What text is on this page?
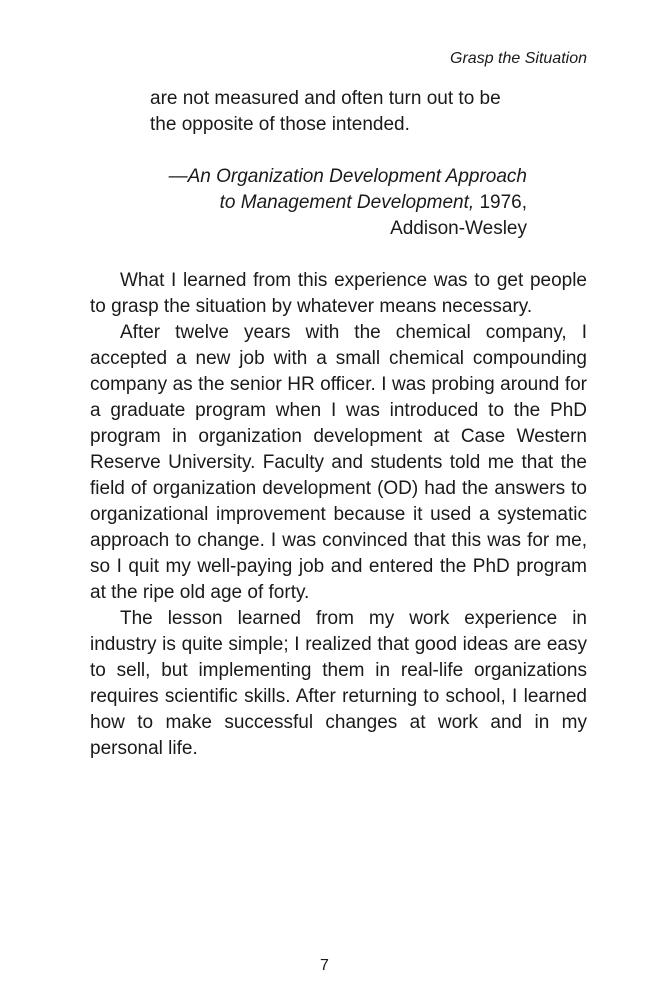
Grasp the Situation
are not measured and often turn out to be
the opposite of those intended.
—An Organization Development Approach
to Management Development, 1976,
Addison-Wesley

What I learned from this experience was to get people to grasp the situation by whatever means necessary.

After twelve years with the chemical company, I accepted a new job with a small chemical compounding company as the senior HR officer. I was probing around for a graduate program when I was introduced to the PhD program in organization development at Case Western Reserve University. Faculty and students told me that the field of organization development (OD) had the answers to organizational improvement because it used a systematic approach to change. I was convinced that this was for me, so I quit my well-paying job and entered the PhD program at the ripe old age of forty.

The lesson learned from my work experience in industry is quite simple; I realized that good ideas are easy to sell, but implementing them in real-life organizations requires scientific skills. After returning to school, I learned how to make successful changes at work and in my personal life.

7
